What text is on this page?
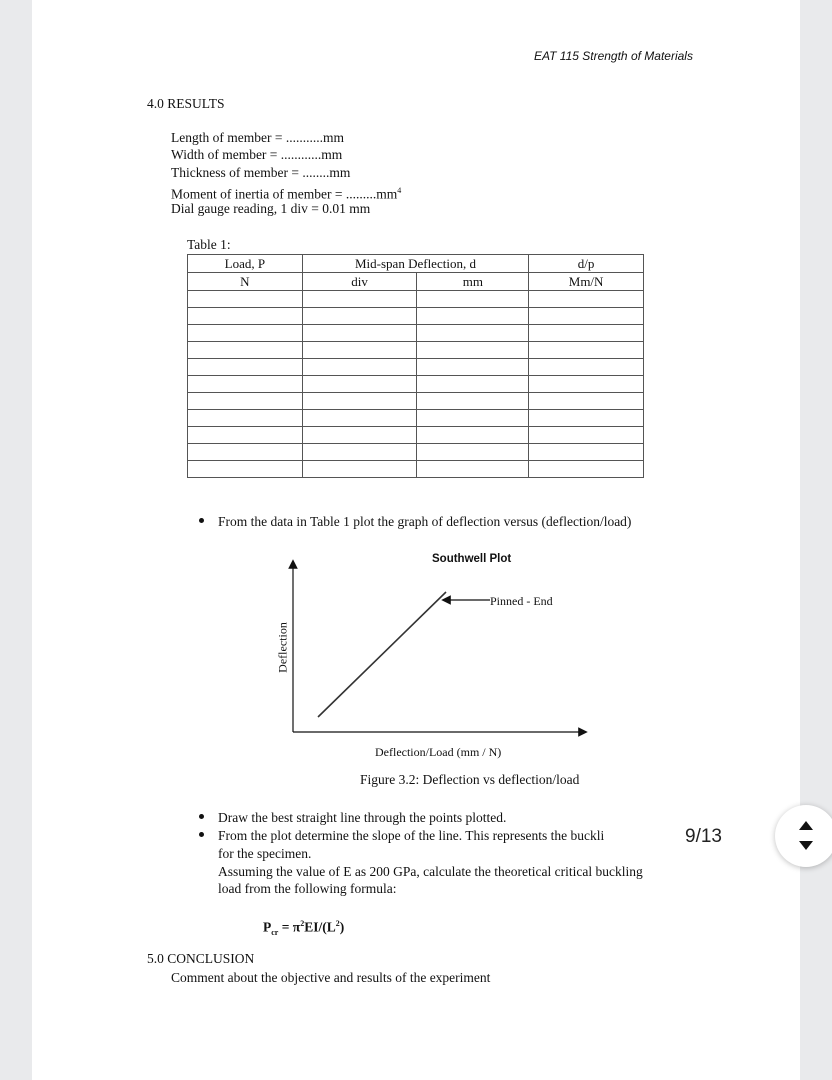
EAT 115 Strength of Materials
4.0 RESULTS
Length of member = ...........mm
Width of member = ............mm
Thickness of member = ........mm
Moment of inertia of member = $.........mm^4$
Dial gauge reading, 1 div = 0.01 mm
Table 1:
Load, P	Mid-span Deflection, d		d/p
N	div	mm	Mm/N

From the data in Table 1 plot the graph of deflection versus (deflection/load)
Southwell Plot
Pinned - End
Deflection
Deflection/Load (mm / N)
Figure 3.2: Deflection vs deflection/load
Draw the best straight line through the points plotted.
From the plot determine the slope of the line. This represents the buckli
for the specimen.
Assuming the value of E as 200 GPa, calculate the theoretical critical buckling
load from the following formula:
$P_{cr} = \pi^2EI/(L^2)$
5.0 CONCLUSION
Comment about the objective and results of the experiment
9/13
